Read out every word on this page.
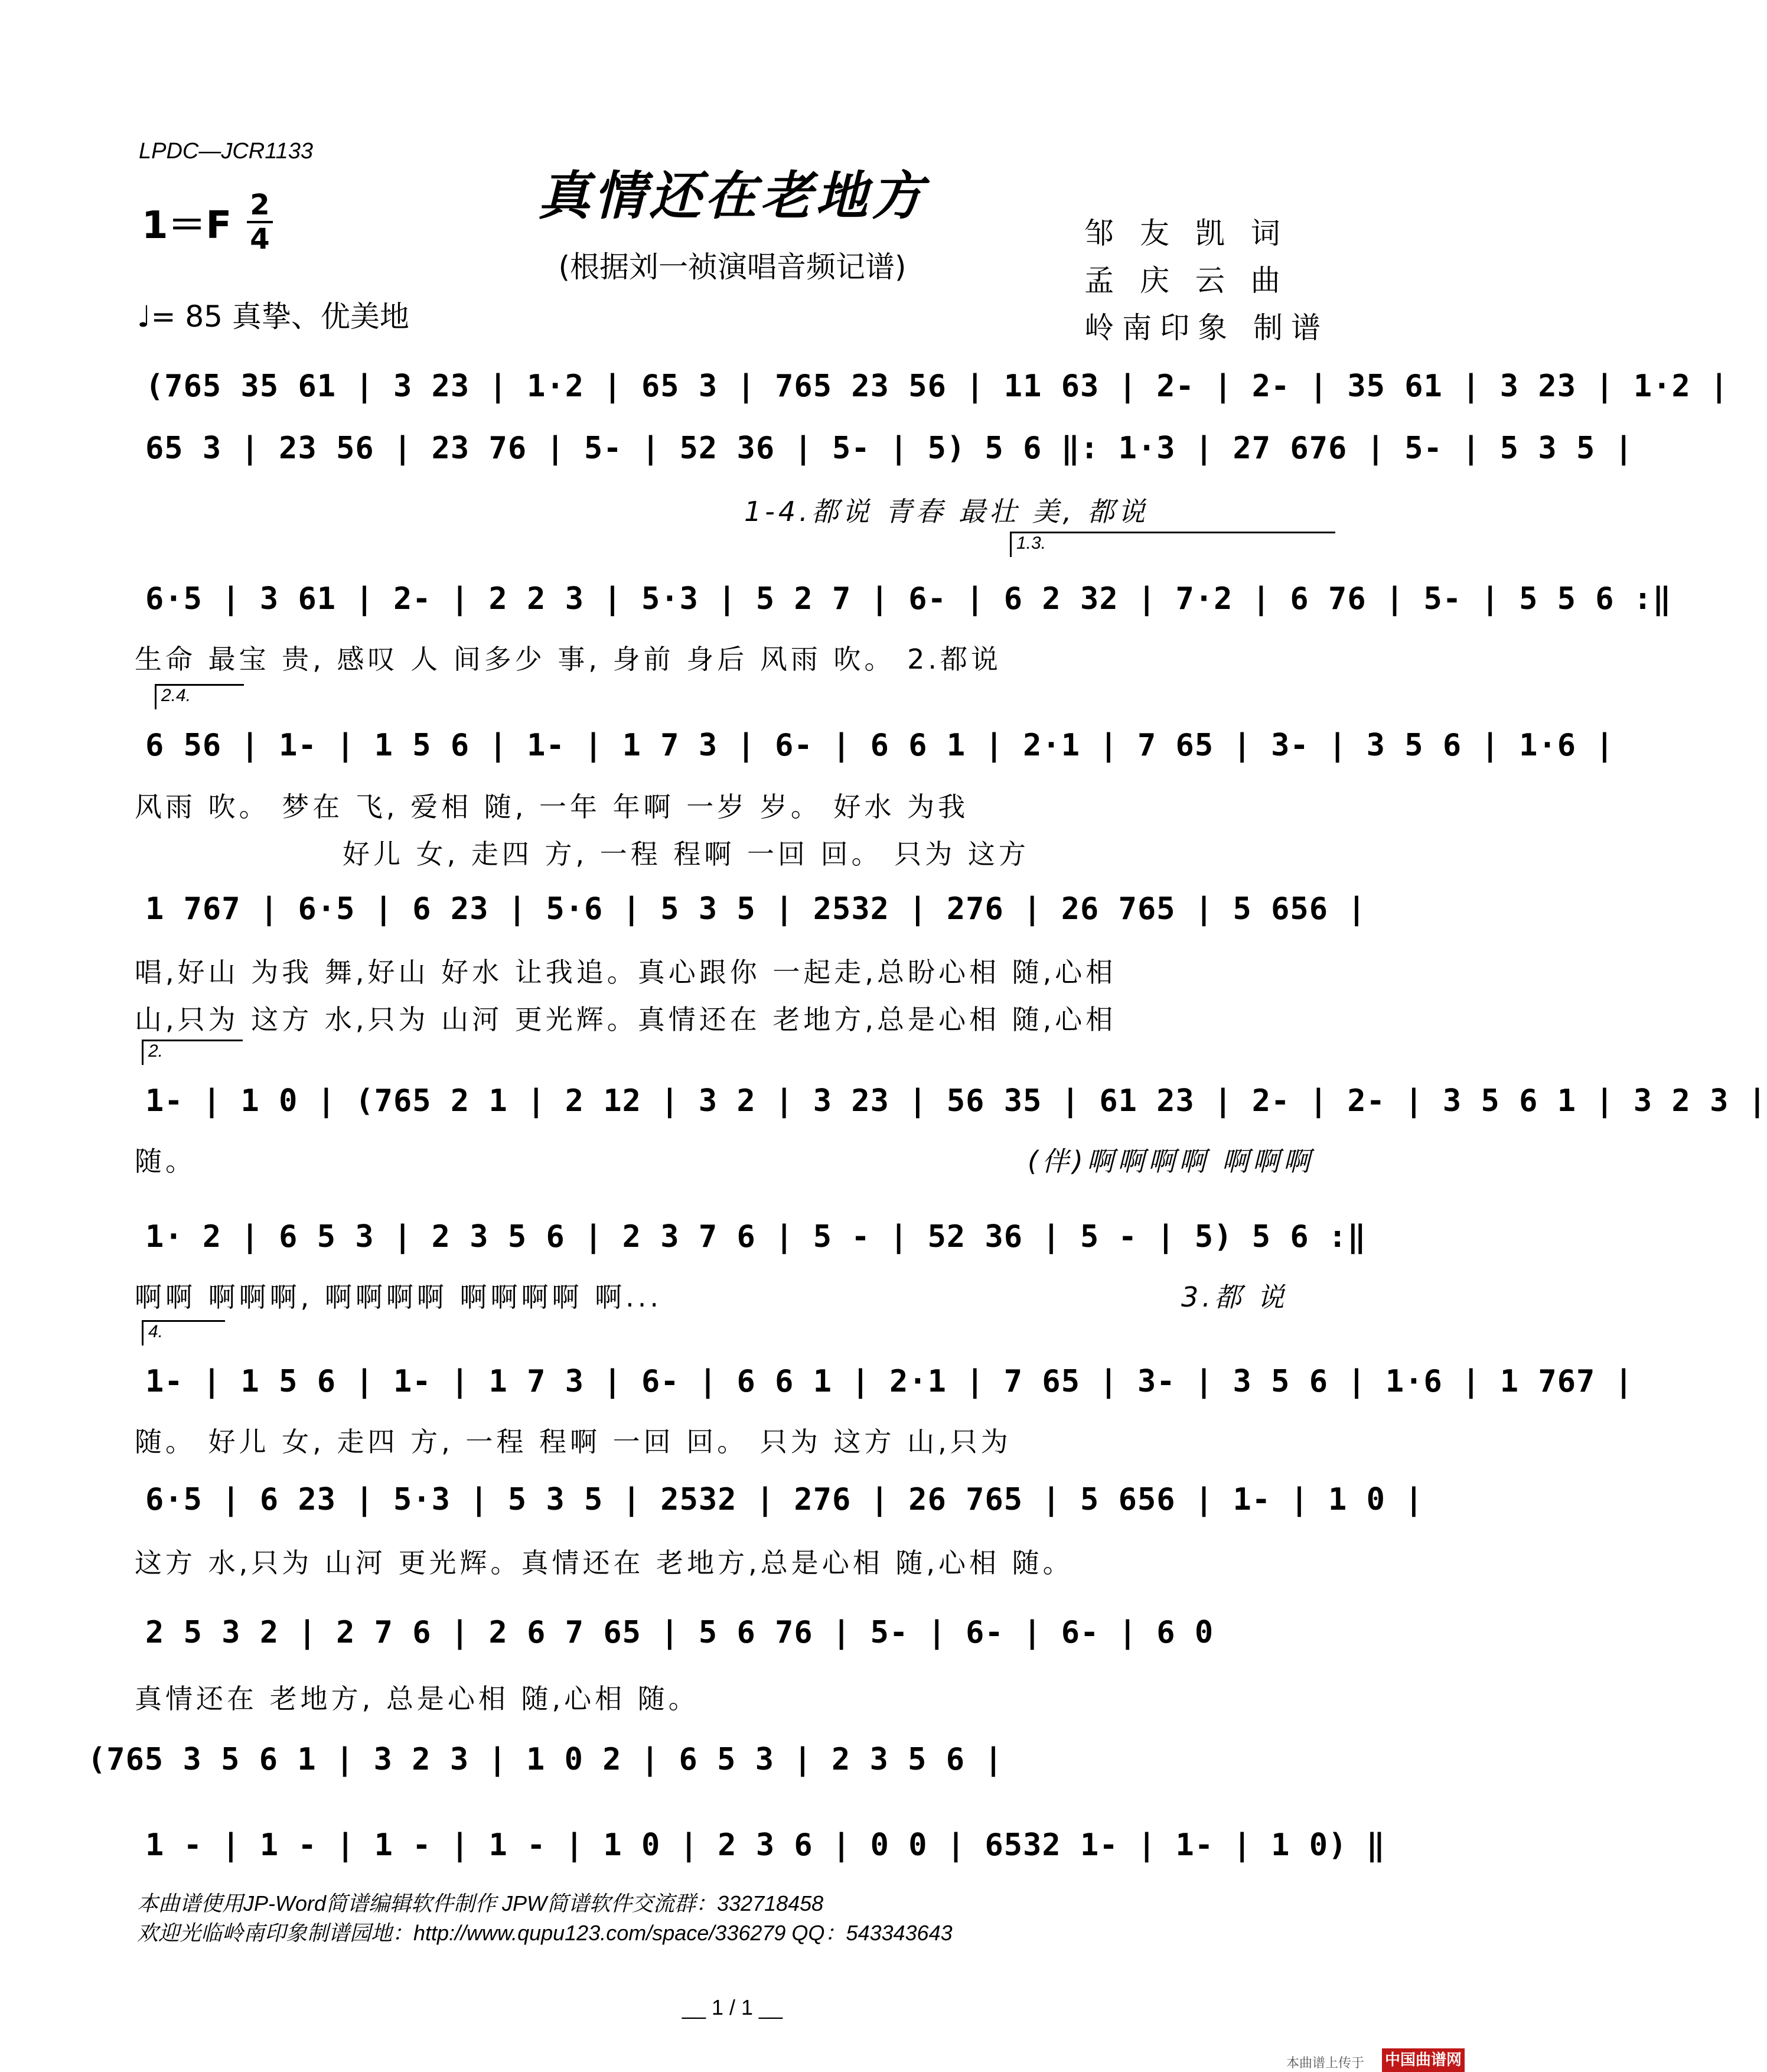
LPDC—JCR1133
真情还在老地方
(根据刘一祯演唱音频记谱)
1＝F 2
4
♩= 85 真挚、优美地
邹 友 凯 词
孟 庆 云 曲
岭南印象 制谱
(765 35 61 | 3 23 | 1·2 | 65 3 | 765 23 56 | 11 63 | 2- | 2- | 35 61 | 3 23 | 1·2 |
65 3 | 23 56 | 23 76 | 5- | 52 36 | 5- | 5) 5 6 ‖: 1·3 | 27 676 | 5- | 5 3 5 |
1-4.都说 青春 最壮 美, 都说
1.3.
6·5 | 3 61 | 2- | 2 2 3 | 5·3 | 5 2 7 | 6- | 6 2 32 | 7·2 | 6 76 | 5- | 5 5 6 :‖
生命 最宝 贵, 感叹 人 间多少 事, 身前 身后 风雨 吹。 2.都说
2.4.
6 56 | 1- | 1 5 6 | 1- | 1 7 3 | 6- | 6 6 1 | 2·1 | 7 65 | 3- | 3 5 6 | 1·6 |
风雨 吹。 梦在 飞, 爱相 随, 一年 年啊 一岁 岁。 好水 为我
好儿 女, 走四 方, 一程 程啊 一回 回。 只为 这方
1 767 | 6·5 | 6 23 | 5·6 | 5 3 5 | 2532 | 276 | 26 765 | 5 656 |
唱,好山 为我 舞,好山 好水 让我追。真心跟你 一起走,总盼心相 随,心相
山,只为 这方 水,只为 山河 更光辉。真情还在 老地方,总是心相 随,心相
2.
1- | 1 0 | (765 2 1 | 2 12 | 3 2 | 3 23 | 56 35 | 61 23 | 2- | 2- | 3 5 6 1 | 3 2 3 |
随。	(伴)啊啊啊啊 啊啊啊
1· 2 | 6 5 3 | 2 3 5 6 | 2 3 7 6 | 5 - | 52 36 | 5 - | 5) 5 6 :‖
啊啊 啊啊啊, 啊啊啊啊 啊啊啊啊 啊...	3.都 说
4.
1- | 1 5 6 | 1- | 1 7 3 | 6- | 6 6 1 | 2·1 | 7 65 | 3- | 3 5 6 | 1·6 | 1 767 |
随。 好儿 女, 走四 方, 一程 程啊 一回 回。 只为 这方 山,只为
6·5 | 6 23 | 5·3 | 5 3 5 | 2532 | 276 | 26 765 | 5 656 | 1- | 1 0 |
这方 水,只为 山河 更光辉。真情还在 老地方,总是心相 随,心相 随。
2 5 3 2 | 2 7 6 | 2 6 7 65 | 5 6 76 | 5- | 6- | 6- | 6 0
真情还在 老地方, 总是心相 随,心相 随。
(765 3 5 6 1 | 3 2 3 | 1 0 2 | 6 5 3 | 2 3 5 6 |
1 - | 1 - | 1 - | 1 - | 1 0 | 2 3 6 | 0 0 | 6532 1- | 1- | 1 0) ‖
本曲谱使用JP-Word简谱编辑软件制作 JPW简谱软件交流群：332718458
欢迎光临岭南印象制谱园地：http://www.qupu123.com/space/336279 QQ：543343643
__ 1 / 1 __
本曲谱上传于 中国曲谱网
